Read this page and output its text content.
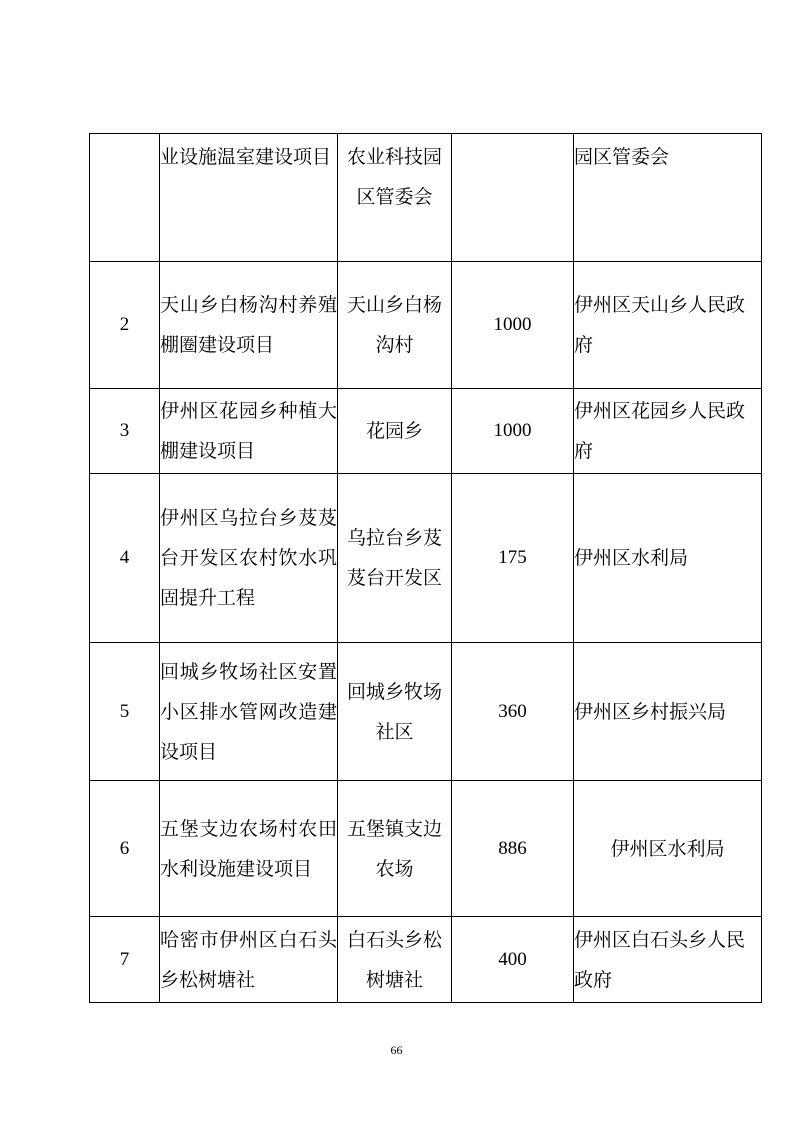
	业设施温室建设项目	农业科技园区管委会		园区管委会
2	天山乡白杨沟村养殖棚圈建设项目	天山乡白杨沟村	1000	伊州区天山乡人民政府
3	伊州区花园乡种植大棚建设项目	花园乡	1000	伊州区花园乡人民政府
4	伊州区乌拉台乡芨芨台开发区农村饮水巩固提升工程	乌拉台乡芨芨台开发区	175	伊州区水利局
5	回城乡牧场社区安置小区排水管网改造建设项目	回城乡牧场社区	360	伊州区乡村振兴局
6	五堡支边农场村农田水利设施建设项目	五堡镇支边农场	886	伊州区水利局
7	哈密市伊州区白石头乡松树塘社	白石头乡松树塘社	400	伊州区白石头乡人民政府
66
